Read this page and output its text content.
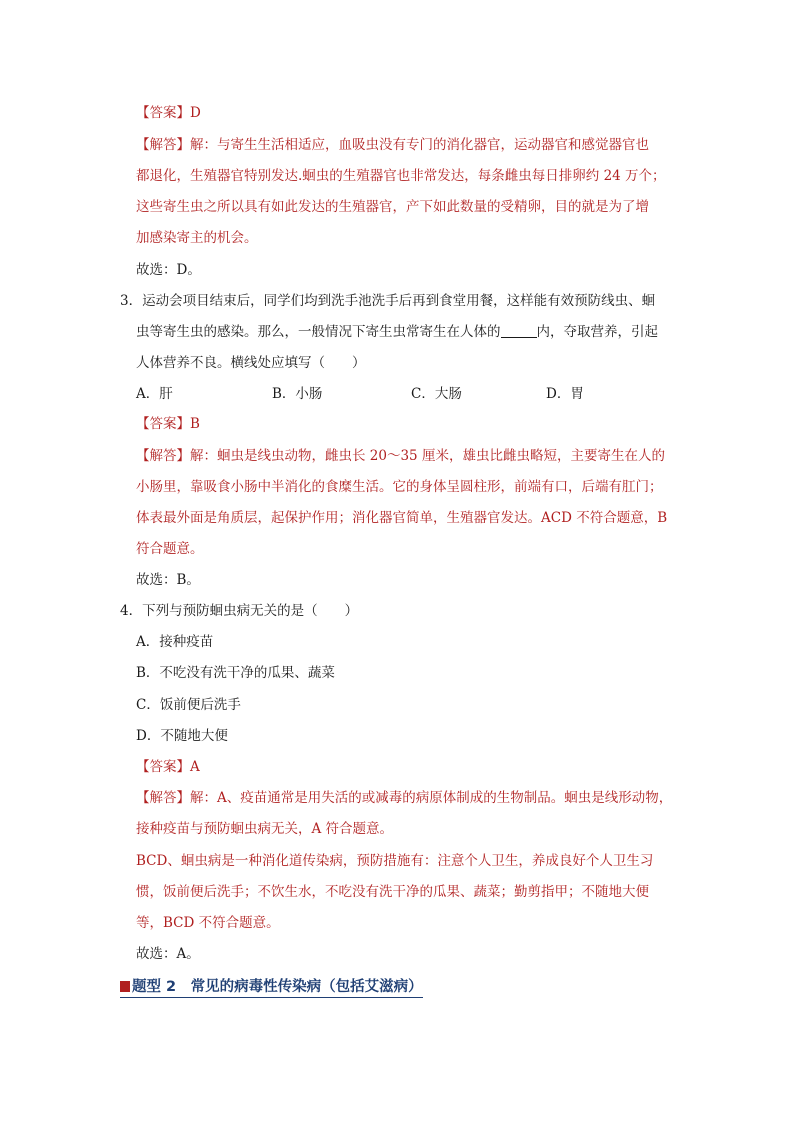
【答案】D
【解答】解：与寄生生活相适应，血吸虫没有专门的消化器官，运动器官和感觉器官也
都退化，生殖器官特别发达.蛔虫的生殖器官也非常发达，每条雌虫每日排卵约 24 万个；
这些寄生虫之所以具有如此发达的生殖器官，产下如此数量的受精卵，目的就是为了增
加感染寄主的机会。
故选：D。
3．运动会项目结束后，同学们均到洗手池洗手后再到食堂用餐，这样能有效预防线虫、蛔
虫等寄生虫的感染。那么，一般情况下寄生虫常寄生在人体的	内，夺取营养，引起
人体营养不良。横线处应填写（　　）
A．肝	B．小肠	C．大肠	D．胃
【答案】B
【解答】解：蛔虫是线虫动物，雌虫长 20～35 厘米，雄虫比雌虫略短，主要寄生在人的
小肠里，靠吸食小肠中半消化的食糜生活。它的身体呈圆柱形，前端有口，后端有肛门；
体表最外面是角质层，起保护作用；消化器官简单，生殖器官发达。ACD 不符合题意，B
符合题意。
故选：B。
4．下列与预防蛔虫病无关的是（　　）
A．接种疫苗
B．不吃没有洗干净的瓜果、蔬菜
C．饭前便后洗手
D．不随地大便
【答案】A
【解答】解：A、疫苗通常是用失活的或减毒的病原体制成的生物制品。蛔虫是线形动物，
接种疫苗与预防蛔虫病无关，A 符合题意。
BCD、蛔虫病是一种消化道传染病，预防措施有：注意个人卫生，养成良好个人卫生习
惯，饭前便后洗手；不饮生水，不吃没有洗干净的瓜果、蔬菜；勤剪指甲；不随地大便
等，BCD 不符合题意。
故选：A。
题型 2　常见的病毒性传染病（包括艾滋病）
